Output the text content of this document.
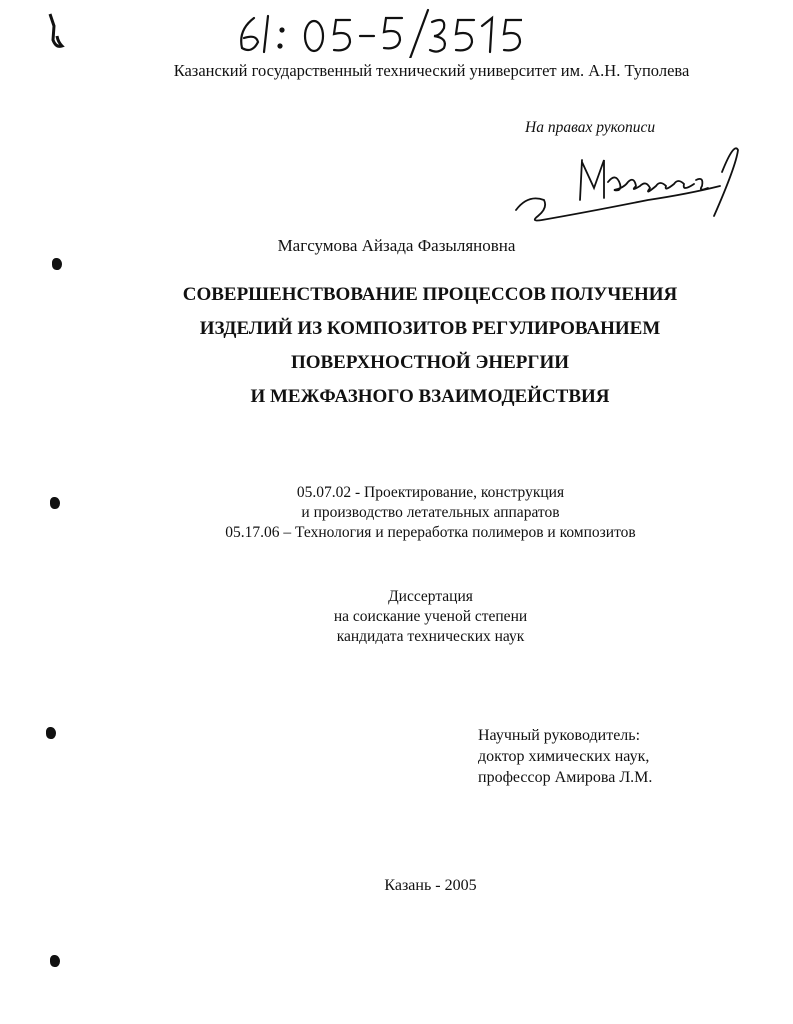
Казанский государственный технический университет им. А.Н. Туполева
На правах рукописи
Магсумова Айзада Фазыляновна
СОВЕРШЕНСТВОВАНИЕ ПРОЦЕССОВ ПОЛУЧЕНИЯ
ИЗДЕЛИЙ ИЗ КОМПОЗИТОВ РЕГУЛИРОВАНИЕМ
ПОВЕРХНОСТНОЙ ЭНЕРГИИ
И МЕЖФАЗНОГО ВЗАИМОДЕЙСТВИЯ
05.07.02 - Проектирование, конструкция
и производство летательных аппаратов
05.17.06 – Технология и переработка полимеров и композитов
Диссертация
на соискание ученой степени
кандидата технических наук
Научный руководитель:
доктор химических наук,
профессор Амирова Л.М.
Казань - 2005
